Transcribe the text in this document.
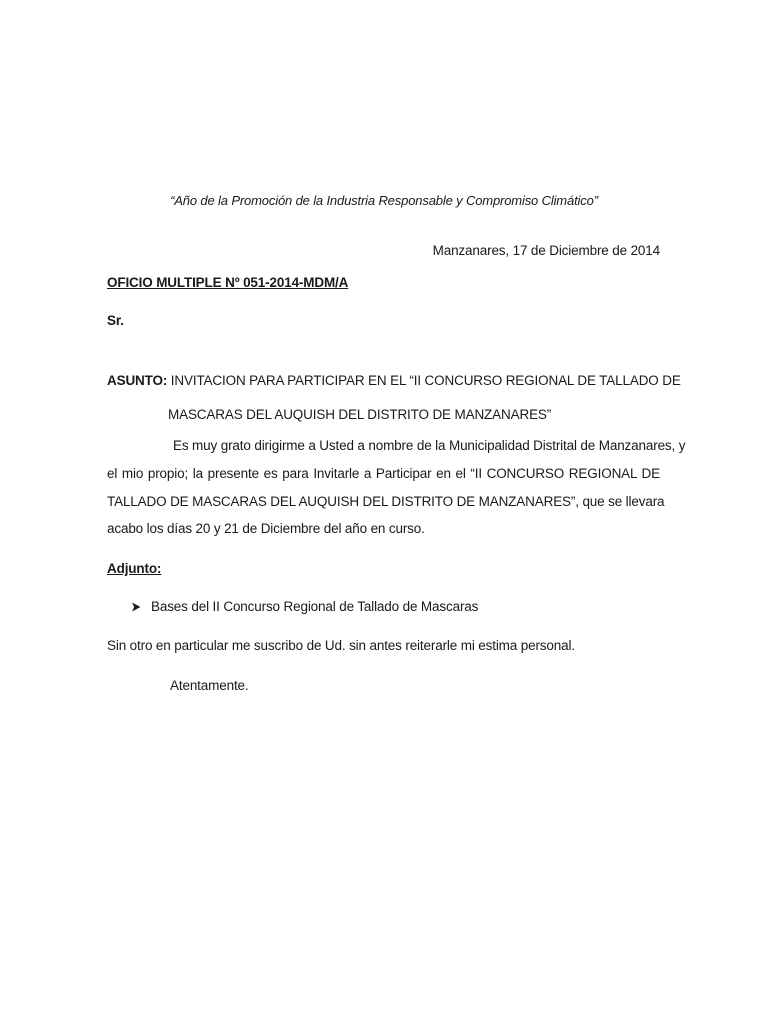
“Año de la Promoción de la Industria Responsable y Compromiso Climático”
Manzanares, 17 de Diciembre de 2014
OFICIO MULTIPLE Nº 051-2014-MDM/A
Sr.
ASUNTO: INVITACION PARA PARTICIPAR EN EL “II CONCURSO REGIONAL DE TALLADO DE
MASCARAS DEL AUQUISH DEL DISTRITO DE MANZANARES”
Es muy grato dirigirme a Usted a nombre de la Municipalidad Distrital de Manzanares, y
el mio propio; la presente es para Invitarle a Participar en el “II CONCURSO REGIONAL DE
TALLADO DE MASCARAS DEL AUQUISH DEL DISTRITO DE MANZANARES”, que se llevara
acabo los días 20 y 21 de Diciembre del año en curso.
Adjunto:
Bases del II Concurso Regional de Tallado de Mascaras
Sin otro en particular me suscribo de Ud. sin antes reiterarle mi estima personal.
Atentamente.
